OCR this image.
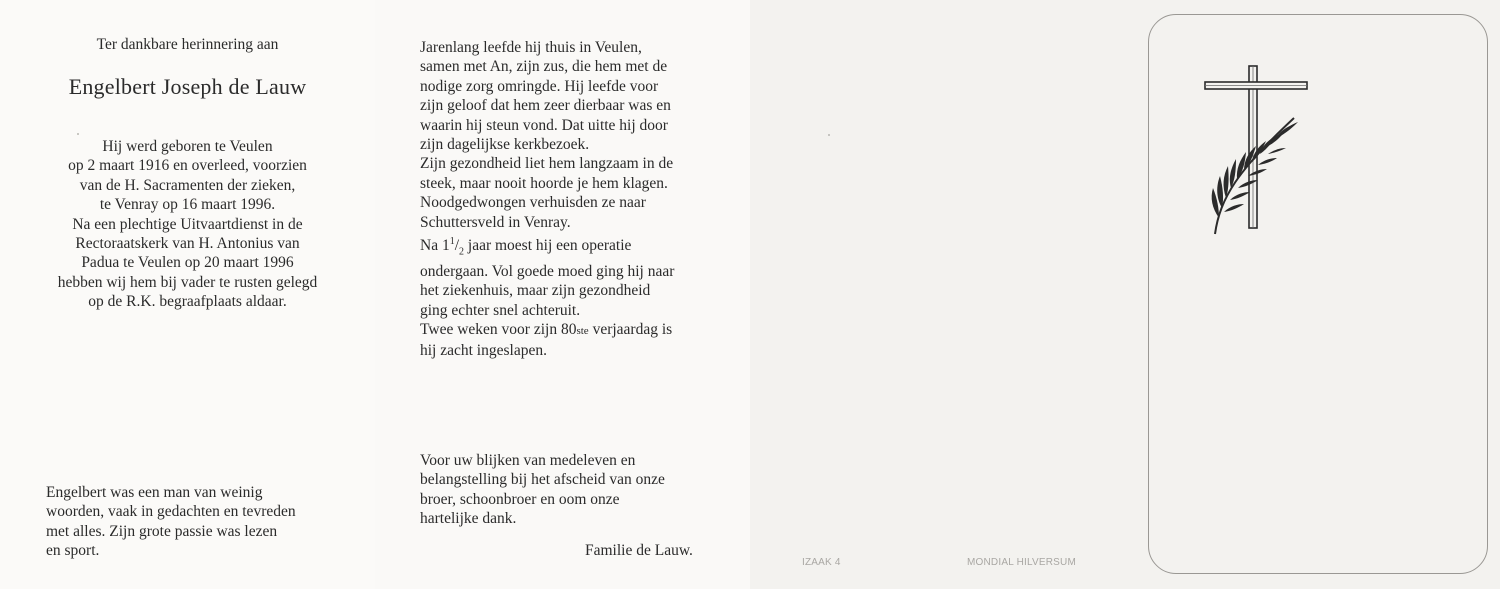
Ter dankbare herinnering aan
Engelbert Joseph de Lauw
Hij werd geboren te Veulen
op 2 maart 1916 en overleed, voorzien
van de H. Sacramenten der zieken,
te Venray op 16 maart 1996.
Na een plechtige Uitvaartdienst in de
Rectoraatskerk van H. Antonius van
Padua te Veulen op 20 maart 1996
hebben wij hem bij vader te rusten gelegd
op de R.K. begraafplaats aldaar.
Engelbert was een man van weinig
woorden, vaak in gedachten en tevreden
met alles. Zijn grote passie was lezen
en sport.
Jarenlang leefde hij thuis in Veulen,
samen met An, zijn zus, die hem met de
nodige zorg omringde. Hij leefde voor
zijn geloof dat hem zeer dierbaar was en
waarin hij steun vond. Dat uitte hij door
zijn dagelijkse kerkbezoek.
Zijn gezondheid liet hem langzaam in de
steek, maar nooit hoorde je hem klagen.
Noodgedwongen verhuisden ze naar
Schuttersveld in Venray.
Na $1^1/_2$ jaar moest hij een operatie
ondergaan. Vol goede moed ging hij naar
het ziekenhuis, maar zijn gezondheid
ging echter snel achteruit.
Twee weken voor zijn 80ste verjaardag is
hij zacht ingeslapen.
Voor uw blijken van medeleven en
belangstelling bij het afscheid van onze
broer, schoonbroer en oom onze
hartelijke dank.
Familie de Lauw.
IZAAK 4	MONDIAL HILVERSUM
